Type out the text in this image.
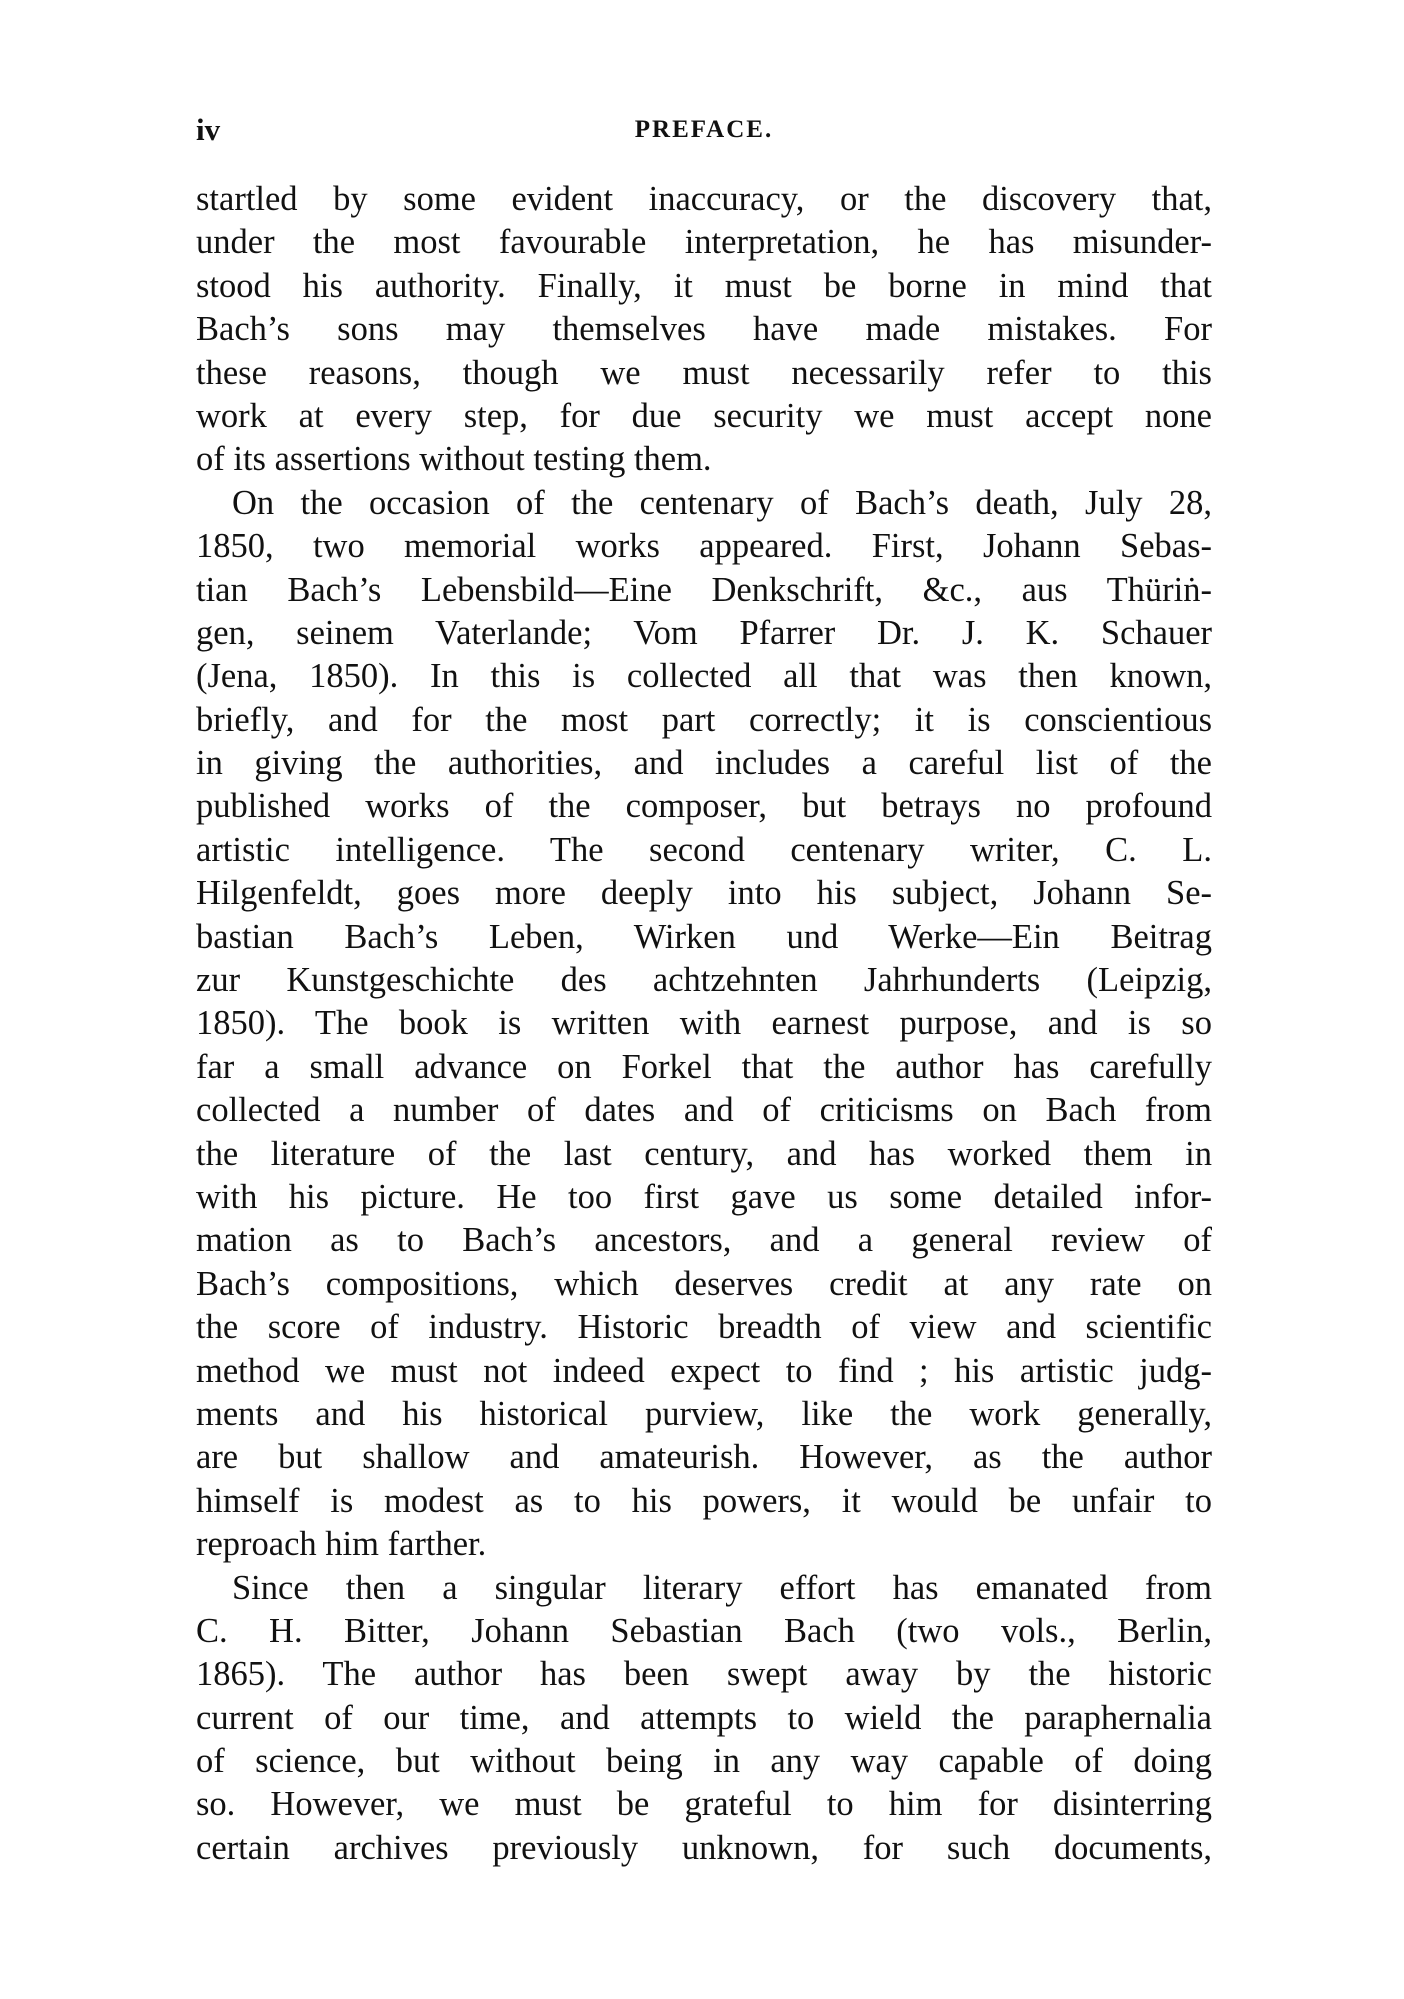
iv	PREFACE.
startled by some evident inaccuracy, or the discovery that,
under the most favourable interpretation, he has misunder-
stood his authority. Finally, it must be borne in mind that
Bach’s sons may themselves have made mistakes. For
these reasons, though we must necessarily refer to this
work at every step, for due security we must accept none
of its assertions without testing them.
On the occasion of the centenary of Bach’s death, July 28,
1850, two memorial works appeared. First, Johann Sebas-
tian Bach’s Lebensbild—Eine Denkschrift, &c., aus Thüriṅ-
gen, seinem Vaterlande; Vom Pfarrer Dr. J. K. Schauer
(Jena, 1850). In this is collected all that was then known,
briefly, and for the most part correctly; it is conscientious
in giving the authorities, and includes a careful list of the
published works of the composer, but betrays no profound
artistic intelligence. The second centenary writer, C. L.
Hilgenfeldt, goes more deeply into his subject, Johann Se-
bastian Bach’s Leben, Wirken und Werke—Ein Beitrag
zur Kunstgeschichte des achtzehnten Jahrhunderts (Leipzig,
1850). The book is written with earnest purpose, and is so
far a small advance on Forkel that the author has carefully
collected a number of dates and of criticisms on Bach from
the literature of the last century, and has worked them in
with his picture. He too first gave us some detailed infor-
mation as to Bach’s ancestors, and a general review of
Bach’s compositions, which deserves credit at any rate on
the score of industry. Historic breadth of view and scientific
method we must not indeed expect to find ; his artistic judg-
ments and his historical purview, like the work generally,
are but shallow and amateurish. However, as the author
himself is modest as to his powers, it would be unfair to
reproach him farther.
Since then a singular literary effort has emanated from
C. H. Bitter, Johann Sebastian Bach (two vols., Berlin,
1865). The author has been swept away by the historic
current of our time, and attempts to wield the paraphernalia
of science, but without being in any way capable of doing
so. However, we must be grateful to him for disinterring
certain archives previously unknown, for such documents,
